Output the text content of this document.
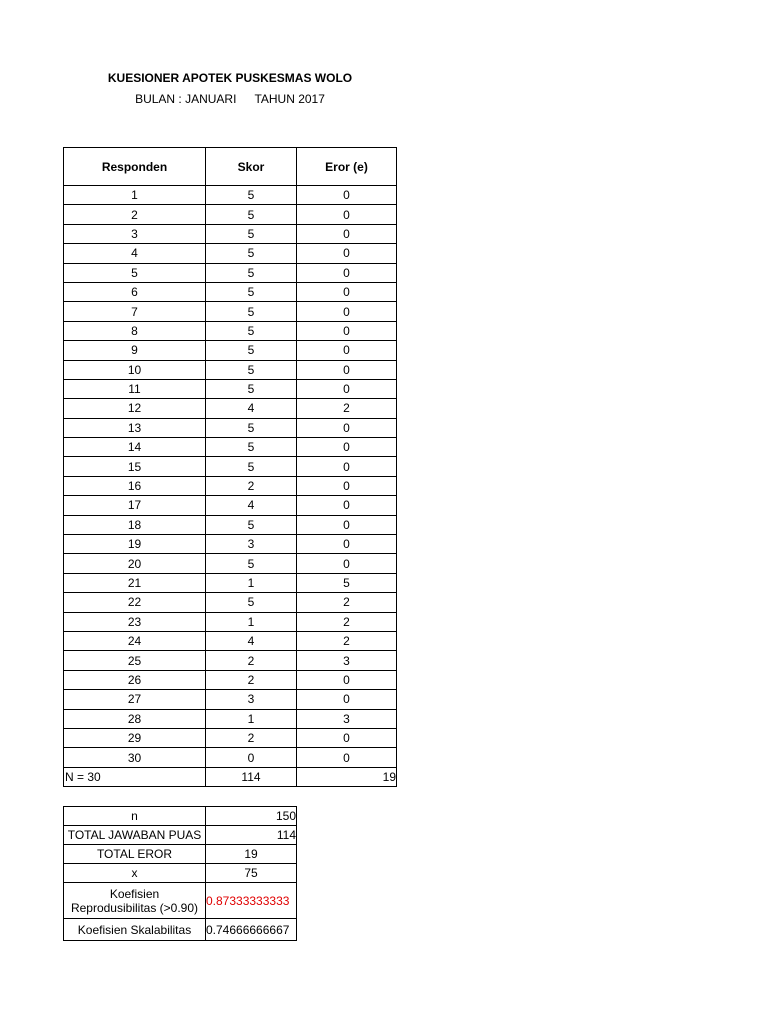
KUESIONER APOTEK PUSKESMAS WOLO
BULAN : JANUARI TAHUN 2017
Responden	Skor	Eror (e)
1	5	0
2	5	0
3	5	0
4	5	0
5	5	0
6	5	0
7	5	0
8	5	0
9	5	0
10	5	0
11	5	0
12	4	2
13	5	0
14	5	0
15	5	0
16	2	0
17	4	0
18	5	0
19	3	0
20	5	0
21	1	5
22	5	2
23	1	2
24	4	2
25	2	3
26	2	0
27	3	0
28	1	3
29	2	0
30	0	0
N = 30	114	19
n	150
TOTAL JAWABAN PUAS	114
TOTAL EROR	19
x	75
Koefisien
Reprodusibilitas (>0.90)	0.87333333333
Koefisien Skalabilitas	0.74666666667
